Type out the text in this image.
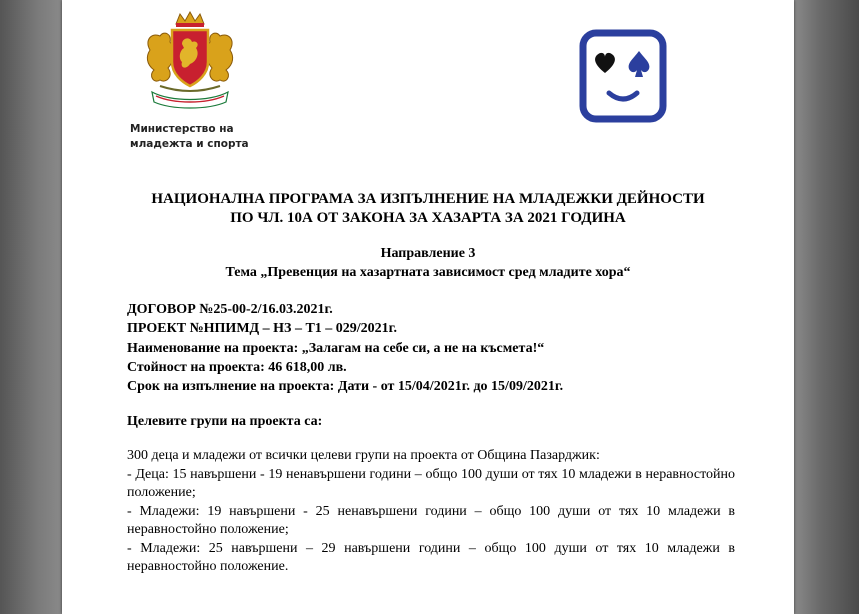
Министерство на
младежта и спорта
НАЦИОНАЛНА ПРОГРАМА ЗА ИЗПЪЛНЕНИЕ НА МЛАДЕЖКИ ДЕЙНОСТИ
ПО ЧЛ. 10А ОТ ЗАКОНА ЗА ХАЗАРТА ЗА 2021 ГОДИНА
Направление 3
Тема „Превенция на хазартната зависимост сред младите хора“
ДОГОВОР №25-00-2/16.03.2021г.
ПРОЕКТ №НПИМД – НЗ – Т1 – 029/2021г.
Наименование на проекта: „Залагам на себе си, а не на късмета!“
Стойност на проекта: 46 618,00 лв.
Срок на изпълнение на проекта: Дати - от 15/04/2021г. до 15/09/2021г.
Целевите групи на проекта са:
300 деца и младежи от всички целеви групи на проекта от Община Пазарджик:
- Деца: 15 навършени - 19 ненавършени години – общо 100 души от тях 10 младежи в неравностойно положение;
- Младежи: 19 навършени - 25 ненавършени години – общо 100 души от тях 10 младежи в неравностойно положение;
- Младежи: 25 навършени – 29 навършени години – общо 100 души от тях 10 младежи в неравностойно положение.
